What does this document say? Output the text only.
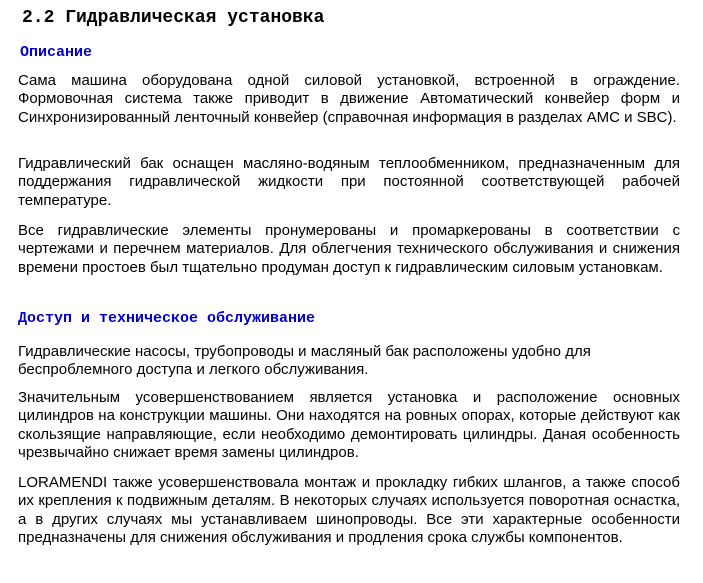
2.2 Гидравлическая установка
Описание

Сама машина оборудована одной силовой установкой, встроенной в ограждение. Формовочная система также приводит в движение Автоматический конвейер форм и Синхронизированный ленточный конвейер (справочная информация в разделах AMC и SBC).

Гидравлический бак оснащен масляно-водяным теплообменником, предназначенным для поддержания гидравлической жидкости при постоянной соответствующей рабочей температуре.

Все гидравлические элементы пронумерованы и промаркерованы в соответствии с чертежами и перечнем материалов. Для облегчения технического обслуживания и снижения времени простоев был тщательно продуман доступ к гидравлическим силовым установкам.

Доступ и техническое обслуживание

Гидравлические насосы, трубопроводы и масляный бак расположены удобно для беспроблемного доступа и легкого обслуживания.

Значительным усовершенствованием является установка и расположение основных цилиндров на конструкции машины. Они находятся на ровных опорах, которые действуют как скользящие направляющие, если необходимо демонтировать цилиндры. Даная особенность чрезвычайно снижает время замены цилиндров.

LORAMENDI также усовершенствовала монтаж и прокладку гибких шлангов, а также способ их крепления к подвижным деталям. В некоторых случаях используется поворотная оснастка, а в других случаях мы устанавливаем шинопроводы. Все эти характерные особенности предназначены для снижения обслуживания и продления срока службы компонентов.
